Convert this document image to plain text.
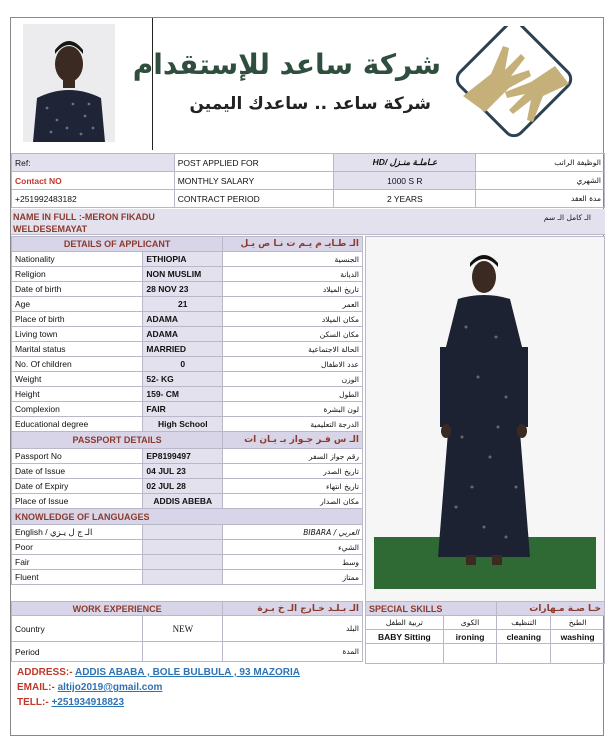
شركة ساعد للإستقدام
شركة ساعد .. ساعدك اليمين
Ref:	POST APPLIED FOR	HD/ عـاملـة منـزل	الوظيفة الراتب
Contact NO	MONTHLY SALARY	1000 S R	الشهري
+251992483182	CONTRACT PERIOD	2 YEARS	مدة العقد
NAME IN FULL :-MERON FIKADU WELDESEMAYAT
الـ كامل الـ سم
DETAILS OF APPLICANT		الـ طـايـ م يـم ت نـا ص يـل
Nationality	ETHIOPIA	الجنسية
Religion	NON MUSLIM	الديانة
Date of birth	28 NOV 23	تاريخ الميلاد
Age	21	العمر
Place of birth	ADAMA	مكان الميلاد
Living town	ADAMA	مكان السكن
Marital status	MARRIED	الحالة الاجتماعية
No. Of children	0	عدد الاطفال
Weight	52- KG	الوزن
Height	159- CM	الطول
Complexion	FAIR	لون البشرة
Educational degree	High School	الدرجة التعليمية
PASSPORT DETAILS		الـ س فـر جـواز بـ يـان ات
Passport No	EP8199497	رقم جواز السفر
Date of Issue	04 JUL 23	تاريخ الصدر
Date of Expiry	02 JUL 28	تاريخ انتهاء
Place of Issue	ADDIS ABEBA	مكان الصدار
KNOWLEDGE OF LANGUAGES		
English / الـ ج ل يـزي		العربي / BIBARA
Poor		الشيء
Fair		وسط
Fluent		ممتاز
WORK EXPERIENCE		الـ بـلـد خـارج الـ خ بـرة
Country	NEW	البلد
Period		المدة
SPECIAL SKILLS		خـا صـة مـهارات	
تربية الطفل	الكوى	التنظيف	الطبخ
BABY Sitting	ironing	cleaning	washing

ADDRESS:- ADDIS ABABA , BOLE BULBULA , 93 MAZORIA
EMAIL:- altijo2019@gmail.com
TELL:- +251934918823
